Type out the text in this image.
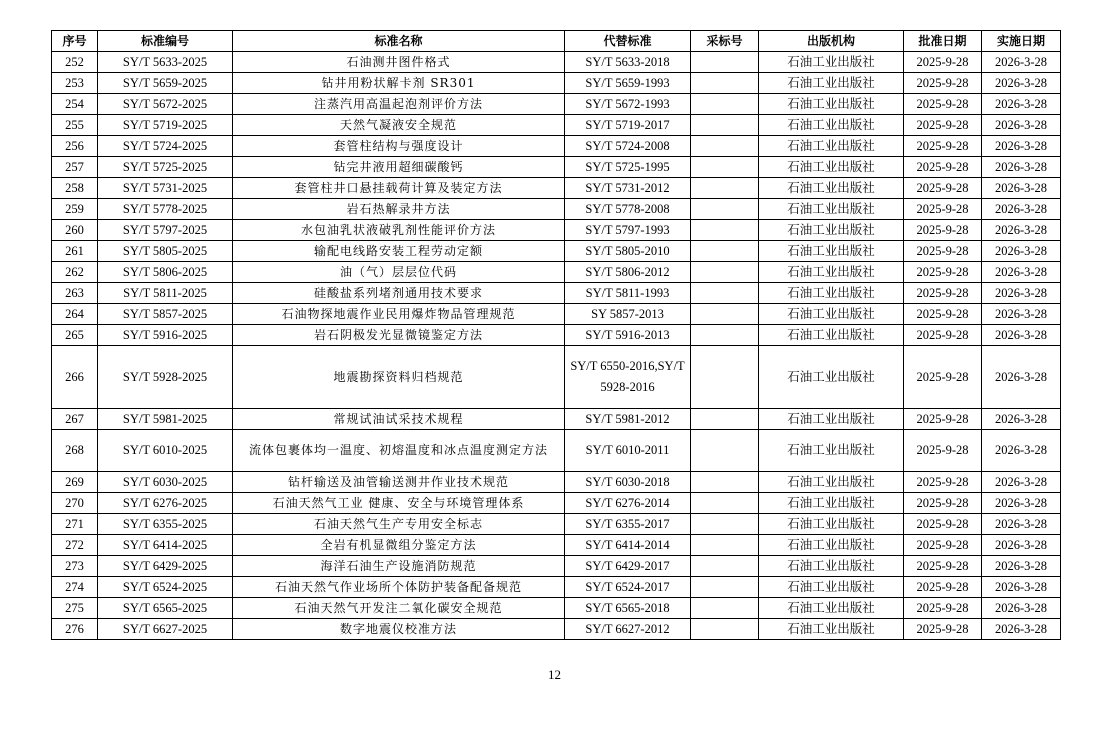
序号	标准编号	标准名称	代替标准	采标号	出版机构	批准日期	实施日期
252	SY/T 5633-2025	石油测井图件格式	SY/T 5633-2018		石油工业出版社	2025-9-28	2026-3-28
253	SY/T 5659-2025	钻井用粉状解卡剂 SR301	SY/T 5659-1993		石油工业出版社	2025-9-28	2026-3-28
254	SY/T 5672-2025	注蒸汽用高温起泡剂评价方法	SY/T 5672-1993		石油工业出版社	2025-9-28	2026-3-28
255	SY/T 5719-2025	天然气凝液安全规范	SY/T 5719-2017		石油工业出版社	2025-9-28	2026-3-28
256	SY/T 5724-2025	套管柱结构与强度设计	SY/T 5724-2008		石油工业出版社	2025-9-28	2026-3-28
257	SY/T 5725-2025	钻完井液用超细碳酸钙	SY/T 5725-1995		石油工业出版社	2025-9-28	2026-3-28
258	SY/T 5731-2025	套管柱井口悬挂载荷计算及装定方法	SY/T 5731-2012		石油工业出版社	2025-9-28	2026-3-28
259	SY/T 5778-2025	岩石热解录井方法	SY/T 5778-2008		石油工业出版社	2025-9-28	2026-3-28
260	SY/T 5797-2025	水包油乳状液破乳剂性能评价方法	SY/T 5797-1993		石油工业出版社	2025-9-28	2026-3-28
261	SY/T 5805-2025	输配电线路安装工程劳动定额	SY/T 5805-2010		石油工业出版社	2025-9-28	2026-3-28
262	SY/T 5806-2025	油（气）层层位代码	SY/T 5806-2012		石油工业出版社	2025-9-28	2026-3-28
263	SY/T 5811-2025	硅酸盐系列堵剂通用技术要求	SY/T 5811-1993		石油工业出版社	2025-9-28	2026-3-28
264	SY/T 5857-2025	石油物探地震作业民用爆炸物品管理规范	SY 5857-2013		石油工业出版社	2025-9-28	2026-3-28
265	SY/T 5916-2025	岩石阴极发光显微镜鉴定方法	SY/T 5916-2013		石油工业出版社	2025-9-28	2026-3-28
266	SY/T 5928-2025	地震勘探资料归档规范	SY/T 6550-2016,SY/T 5928-2016		石油工业出版社	2025-9-28	2026-3-28
267	SY/T 5981-2025	常规试油试采技术规程	SY/T 5981-2012		石油工业出版社	2025-9-28	2026-3-28
268	SY/T 6010-2025	流体包裹体均一温度、初熔温度和冰点温度测定方法	SY/T 6010-2011		石油工业出版社	2025-9-28	2026-3-28
269	SY/T 6030-2025	钻杆输送及油管输送测井作业技术规范	SY/T 6030-2018		石油工业出版社	2025-9-28	2026-3-28
270	SY/T 6276-2025	石油天然气工业 健康、安全与环境管理体系	SY/T 6276-2014		石油工业出版社	2025-9-28	2026-3-28
271	SY/T 6355-2025	石油天然气生产专用安全标志	SY/T 6355-2017		石油工业出版社	2025-9-28	2026-3-28
272	SY/T 6414-2025	全岩有机显微组分鉴定方法	SY/T 6414-2014		石油工业出版社	2025-9-28	2026-3-28
273	SY/T 6429-2025	海洋石油生产设施消防规范	SY/T 6429-2017		石油工业出版社	2025-9-28	2026-3-28
274	SY/T 6524-2025	石油天然气作业场所个体防护装备配备规范	SY/T 6524-2017		石油工业出版社	2025-9-28	2026-3-28
275	SY/T 6565-2025	石油天然气开发注二氧化碳安全规范	SY/T 6565-2018		石油工业出版社	2025-9-28	2026-3-28
276	SY/T 6627-2025	数字地震仪校准方法	SY/T 6627-2012		石油工业出版社	2025-9-28	2026-3-28
12
